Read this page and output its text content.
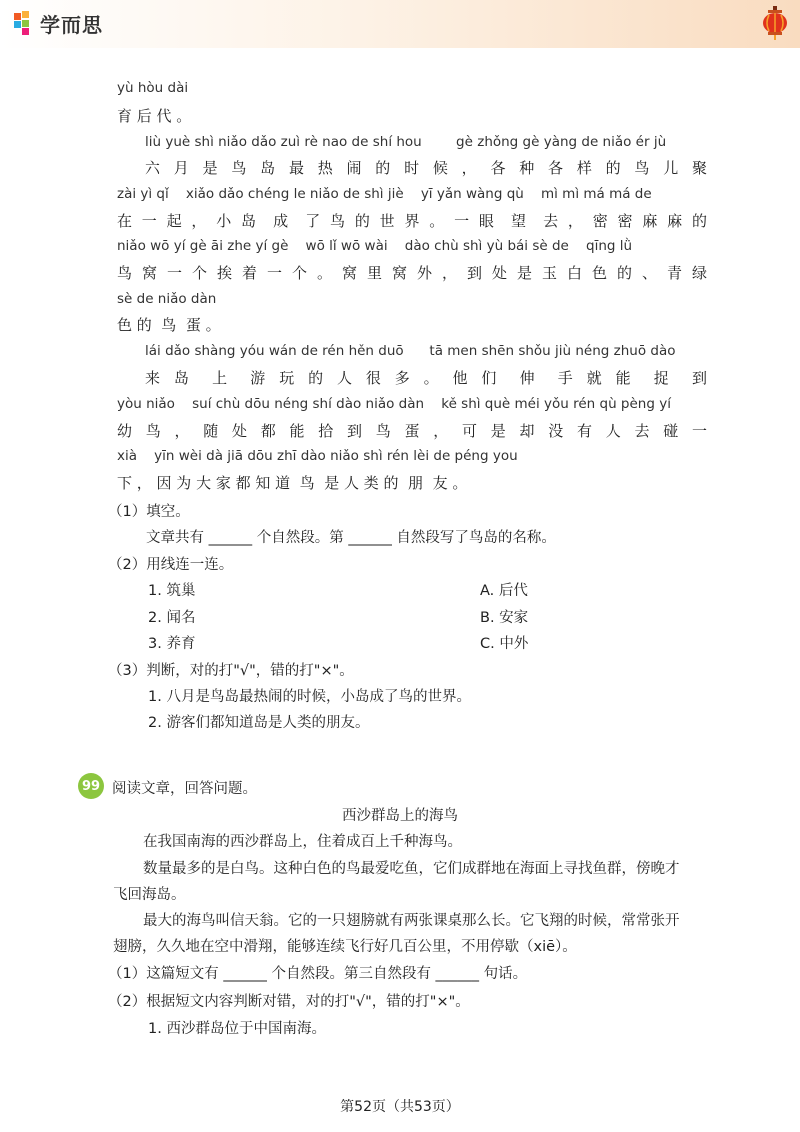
学而思
yù hòu dài
育 后 代 。
liù yuè shì niǎo dǎo zuì rè nao de shí hou        gè zhǒng gè yàng de niǎo ér jù
六 月 是 鸟 岛 最 热 闹 的 时 候 ， 各 种 各 样 的 鸟 儿 聚
zài yì qǐ    xiǎo dǎo chéng le niǎo de shì jiè    yī yǎn wàng qù    mì mì má má de
在 一 起 ， 小 岛  成  了 鸟 的 世 界 。 一 眼  望  去 ， 密 密 麻 麻 的
niǎo wō yí gè āi zhe yí gè    wō lǐ wō wài    dào chù shì yù bái sè de    qīng lǜ
鸟 窝 一 个 挨 着 一 个 。 窝 里 窝 外 ， 到 处 是 玉 白 色 的 、 青 绿
sè de niǎo dàn
色 的  鸟  蛋 。
lái dǎo shàng yóu wán de rén hěn duō      tā men shēn shǒu jiù néng zhuō dào
来 岛  上  游 玩 的 人 很 多 。 他 们  伸  手 就 能  捉  到
yòu niǎo    suí chù dōu néng shí dào niǎo dàn    kě shì què méi yǒu rén qù pèng yí
幼 鸟 ， 随 处 都 能 拾 到 鸟 蛋 ， 可 是 却 没 有 人 去 碰 一
xià    yīn wèi dà jiā dōu zhī dào niǎo shì rén lèi de péng you
下 ， 因 为 大 家 都 知 道  鸟  是 人 类 的  朋  友 。
（1）填空。
文章共有 ______ 个自然段。第 ______ 自然段写了鸟岛的名称。
（2）用线连一连。
1. 筑巢
2. 闻名
3. 养育
A. 后代
B. 安家
C. 中外
（3）判断，对的打"√"，错的打"×"。
1. 八月是鸟岛最热闹的时候，小岛成了鸟的世界。
2. 游客们都知道岛是人类的朋友。
99 阅读文章，回答问题。
西沙群岛上的海鸟
在我国南海的西沙群岛上，住着成百上千种海鸟。
数量最多的是白鸟。这种白色的鸟最爱吃鱼，它们成群地在海面上寻找鱼群，傍晚才
飞回海岛。
最大的海鸟叫信天翁。它的一只翅膀就有两张课桌那么长。它飞翔的时候，常常张开
翅膀，久久地在空中滑翔，能够连续飞行好几百公里，不用停歇（xiē）。
（1）这篇短文有 ______ 个自然段。第三自然段有 ______ 句话。
（2）根据短文内容判断对错，对的打"√"，错的打"×"。
1. 西沙群岛位于中国南海。
第52页（共53页）
